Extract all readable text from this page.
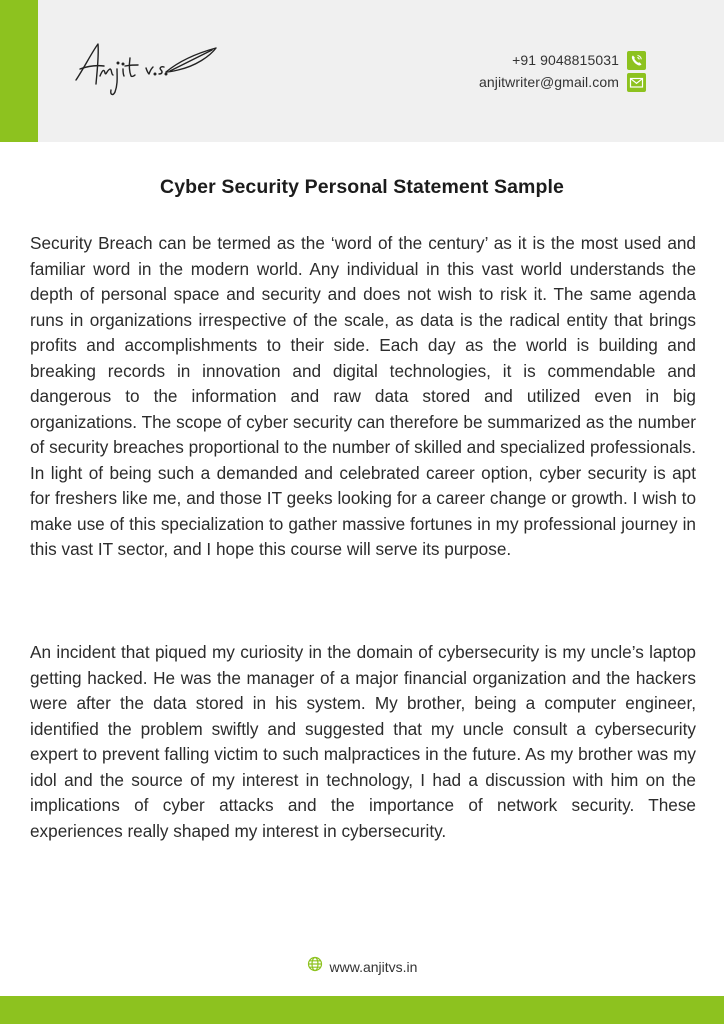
+91 9048815031
anjitwriter@gmail.com
Cyber Security Personal Statement Sample

Security Breach can be termed as the ‘word of the century’ as it is the most used and familiar word in the modern world. Any individual in this vast world understands the depth of personal space and security and does not wish to risk it. The same agenda runs in organizations irrespective of the scale, as data is the radical entity that brings profits and accomplishments to their side. Each day as the world is building and breaking records in innovation and digital technologies, it is commendable and dangerous to the information and raw data stored and utilized even in big organizations. The scope of cyber security can therefore be summarized as the number of security breaches proportional to the number of skilled and specialized professionals. In light of being such a demanded and celebrated career option, cyber security is apt for freshers like me, and those IT geeks looking for a career change or growth. I wish to make use of this specialization to gather massive fortunes in my professional journey in this vast IT sector, and I hope this course will serve its purpose.

An incident that piqued my curiosity in the domain of cybersecurity is my uncle’s laptop getting hacked. He was the manager of a major financial organization and the hackers were after the data stored in his system. My brother, being a computer engineer, identified the problem swiftly and suggested that my uncle consult a cybersecurity expert to prevent falling victim to such malpractices in the future. As my brother was my idol and the source of my interest in technology, I had a discussion with him on the implications of cyber attacks and the importance of network security. These experiences really shaped my interest in cybersecurity.

www.anjitvs.in
